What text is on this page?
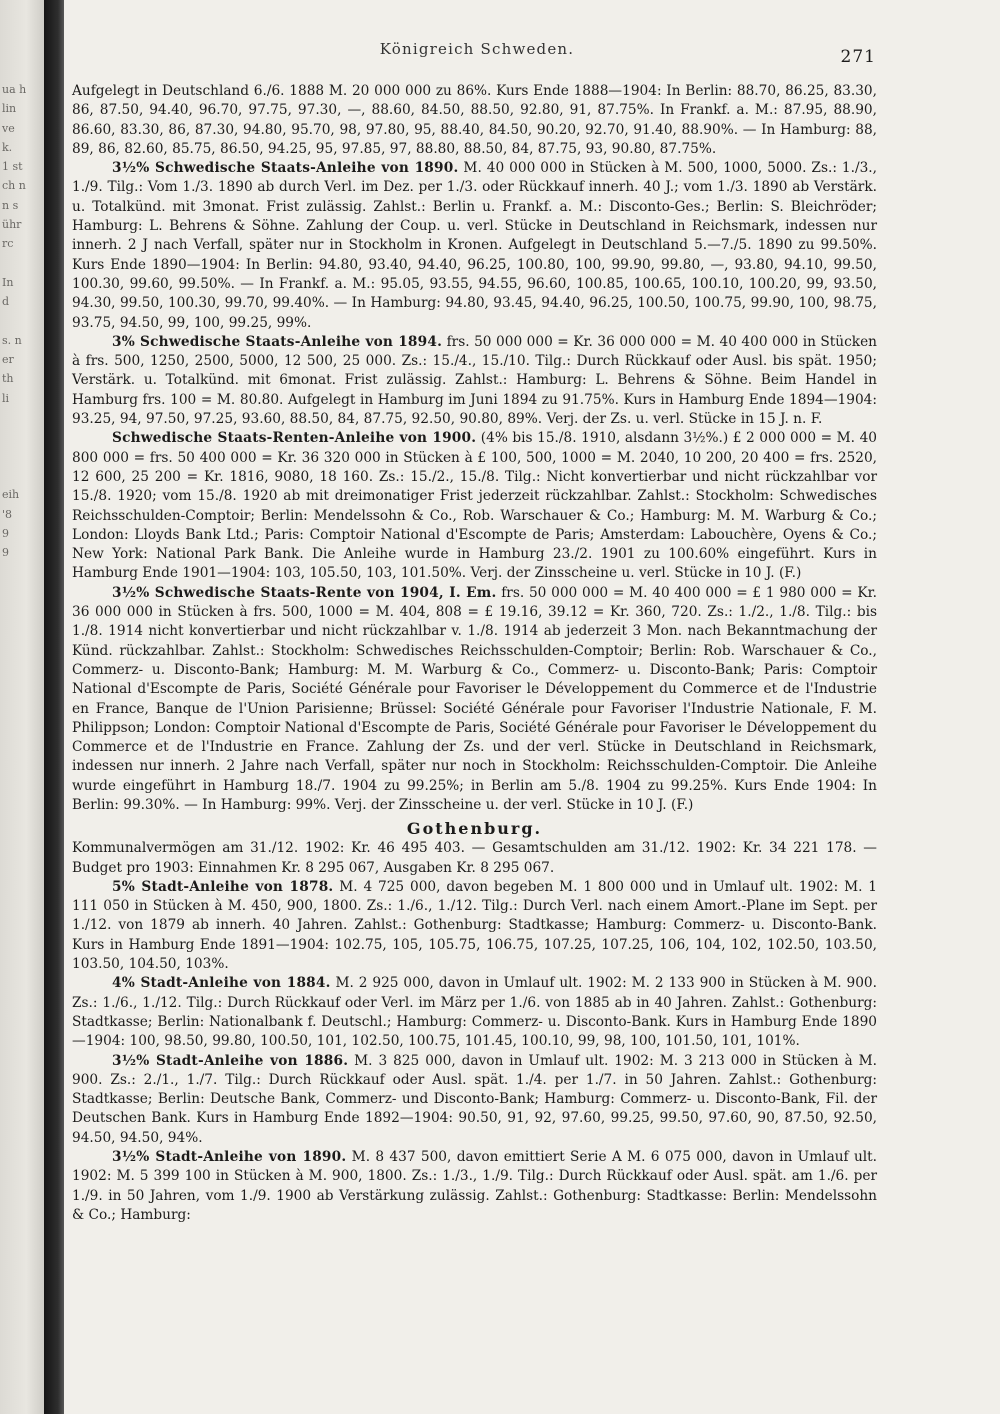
ua h
lin
ve
k.
1 st
ch n
n s
ühr
rc
In
d
s. n
er
th
li
eih
'8
9
9
Königreich Schweden.	271

Aufgelegt in Deutschland 6./6. 1888 M. 20 000 000 zu 86%. Kurs Ende 1888—1904: In Berlin: 88.70, 86.25, 83.30, 86, 87.50, 94.40, 96.70, 97.75, 97.30, —, 88.60, 84.50, 88.50, 92.80, 91, 87.75%. In Frankf. a. M.: 87.95, 88.90, 86.60, 83.30, 86, 87.30, 94.80, 95.70, 98, 97.80, 95, 88.40, 84.50, 90.20, 92.70, 91.40, 88.90%. — In Hamburg: 88, 89, 86, 82.60, 85.75, 86.50, 94.25, 95, 97.85, 97, 88.80, 88.50, 84, 87.75, 93, 90.80, 87.75%.

3½% Schwedische Staats-Anleihe von 1890. M. 40 000 000 in Stücken à M. 500, 1000, 5000. Zs.: 1./3., 1./9. Tilg.: Vom 1./3. 1890 ab durch Verl. im Dez. per 1./3. oder Rückkauf innerh. 40 J.; vom 1./3. 1890 ab Verstärk. u. Totalkünd. mit 3monat. Frist zulässig. Zahlst.: Berlin u. Frankf. a. M.: Disconto-Ges.; Berlin: S. Bleichröder; Hamburg: L. Behrens & Söhne. Zahlung der Coup. u. verl. Stücke in Deutschland in Reichsmark, indessen nur innerh. 2 J nach Verfall, später nur in Stockholm in Kronen. Aufgelegt in Deutschland 5.—7./5. 1890 zu 99.50%. Kurs Ende 1890—1904: In Berlin: 94.80, 93.40, 94.40, 96.25, 100.80, 100, 99.90, 99.80, —, 93.80, 94.10, 99.50, 100.30, 99.60, 99.50%. — In Frankf. a. M.: 95.05, 93.55, 94.55, 96.60, 100.85, 100.65, 100.10, 100.20, 99, 93.50, 94.30, 99.50, 100.30, 99.70, 99.40%. — In Hamburg: 94.80, 93.45, 94.40, 96.25, 100.50, 100.75, 99.90, 100, 98.75, 93.75, 94.50, 99, 100, 99.25, 99%.

3% Schwedische Staats-Anleihe von 1894. frs. 50 000 000 = Kr. 36 000 000 = M. 40 400 000 in Stücken à frs. 500, 1250, 2500, 5000, 12 500, 25 000. Zs.: 15./4., 15./10. Tilg.: Durch Rückkauf oder Ausl. bis spät. 1950; Verstärk. u. Totalkünd. mit 6monat. Frist zulässig. Zahlst.: Hamburg: L. Behrens & Söhne. Beim Handel in Hamburg frs. 100 = M. 80.80. Aufgelegt in Hamburg im Juni 1894 zu 91.75%. Kurs in Hamburg Ende 1894—1904: 93.25, 94, 97.50, 97.25, 93.60, 88.50, 84, 87.75, 92.50, 90.80, 89%. Verj. der Zs. u. verl. Stücke in 15 J. n. F.

Schwedische Staats-Renten-Anleihe von 1900. (4% bis 15./8. 1910, alsdann 3½%.) £ 2 000 000 = M. 40 800 000 = frs. 50 400 000 = Kr. 36 320 000 in Stücken à £ 100, 500, 1000 = M. 2040, 10 200, 20 400 = frs. 2520, 12 600, 25 200 = Kr. 1816, 9080, 18 160. Zs.: 15./2., 15./8. Tilg.: Nicht konvertierbar und nicht rückzahlbar vor 15./8. 1920; vom 15./8. 1920 ab mit dreimonatiger Frist jederzeit rückzahlbar. Zahlst.: Stockholm: Schwedisches Reichsschulden-Comptoir; Berlin: Mendelssohn & Co., Rob. Warschauer & Co.; Hamburg: M. M. Warburg & Co.; London: Lloyds Bank Ltd.; Paris: Comptoir National d'Escompte de Paris; Amsterdam: Labouchère, Oyens & Co.; New York: National Park Bank. Die Anleihe wurde in Hamburg 23./2. 1901 zu 100.60% eingeführt. Kurs in Hamburg Ende 1901—1904: 103, 105.50, 103, 101.50%. Verj. der Zinsscheine u. verl. Stücke in 10 J. (F.)

3½% Schwedische Staats-Rente von 1904, I. Em. frs. 50 000 000 = M. 40 400 000 = £ 1 980 000 = Kr. 36 000 000 in Stücken à frs. 500, 1000 = M. 404, 808 = £ 19.16, 39.12 = Kr. 360, 720. Zs.: 1./2., 1./8. Tilg.: bis 1./8. 1914 nicht konvertierbar und nicht rückzahlbar v. 1./8. 1914 ab jederzeit 3 Mon. nach Bekanntmachung der Künd. rückzahlbar. Zahlst.: Stockholm: Schwedisches Reichsschulden-Comptoir; Berlin: Rob. Warschauer & Co., Commerz- u. Disconto-Bank; Hamburg: M. M. Warburg & Co., Commerz- u. Disconto-Bank; Paris: Comptoir National d'Escompte de Paris, Société Générale pour Favoriser le Développement du Commerce et de l'Industrie en France, Banque de l'Union Parisienne; Brüssel: Société Générale pour Favoriser l'Industrie Nationale, F. M. Philippson; London: Comptoir National d'Escompte de Paris, Société Générale pour Favoriser le Développement du Commerce et de l'Industrie en France. Zahlung der Zs. und der verl. Stücke in Deutschland in Reichsmark, indessen nur innerh. 2 Jahre nach Verfall, später nur noch in Stockholm: Reichsschulden-Comptoir. Die Anleihe wurde eingeführt in Hamburg 18./7. 1904 zu 99.25%; in Berlin am 5./8. 1904 zu 99.25%. Kurs Ende 1904: In Berlin: 99.30%. — In Hamburg: 99%. Verj. der Zinsscheine u. der verl. Stücke in 10 J. (F.)

Gothenburg.

Kommunalvermögen am 31./12. 1902: Kr. 46 495 403. — Gesamtschulden am 31./12. 1902: Kr. 34 221 178. — Budget pro 1903: Einnahmen Kr. 8 295 067, Ausgaben Kr. 8 295 067.

5% Stadt-Anleihe von 1878. M. 4 725 000, davon begeben M. 1 800 000 und in Umlauf ult. 1902: M. 1 111 050 in Stücken à M. 450, 900, 1800. Zs.: 1./6., 1./12. Tilg.: Durch Verl. nach einem Amort.-Plane im Sept. per 1./12. von 1879 ab innerh. 40 Jahren. Zahlst.: Gothenburg: Stadtkasse; Hamburg: Commerz- u. Disconto-Bank. Kurs in Hamburg Ende 1891—1904: 102.75, 105, 105.75, 106.75, 107.25, 107.25, 106, 104, 102, 102.50, 103.50, 103.50, 104.50, 103%.

4% Stadt-Anleihe von 1884. M. 2 925 000, davon in Umlauf ult. 1902: M. 2 133 900 in Stücken à M. 900. Zs.: 1./6., 1./12. Tilg.: Durch Rückkauf oder Verl. im März per 1./6. von 1885 ab in 40 Jahren. Zahlst.: Gothenburg: Stadtkasse; Berlin: Nationalbank f. Deutschl.; Hamburg: Commerz- u. Disconto-Bank. Kurs in Hamburg Ende 1890—1904: 100, 98.50, 99.80, 100.50, 101, 102.50, 100.75, 101.45, 100.10, 99, 98, 100, 101.50, 101, 101%.

3½% Stadt-Anleihe von 1886. M. 3 825 000, davon in Umlauf ult. 1902: M. 3 213 000 in Stücken à M. 900. Zs.: 2./1., 1./7. Tilg.: Durch Rückkauf oder Ausl. spät. 1./4. per 1./7. in 50 Jahren. Zahlst.: Gothenburg: Stadtkasse; Berlin: Deutsche Bank, Commerz- und Disconto-Bank; Hamburg: Commerz- u. Disconto-Bank, Fil. der Deutschen Bank. Kurs in Hamburg Ende 1892—1904: 90.50, 91, 92, 97.60, 99.25, 99.50, 97.60, 90, 87.50, 92.50, 94.50, 94.50, 94%.

3½% Stadt-Anleihe von 1890. M. 8 437 500, davon emittiert Serie A M. 6 075 000, davon in Umlauf ult. 1902: M. 5 399 100 in Stücken à M. 900, 1800. Zs.: 1./3., 1./9. Tilg.: Durch Rückkauf oder Ausl. spät. am 1./6. per 1./9. in 50 Jahren, vom 1./9. 1900 ab Verstärkung zulässig. Zahlst.: Gothenburg: Stadtkasse: Berlin: Mendelssohn & Co.; Hamburg:
